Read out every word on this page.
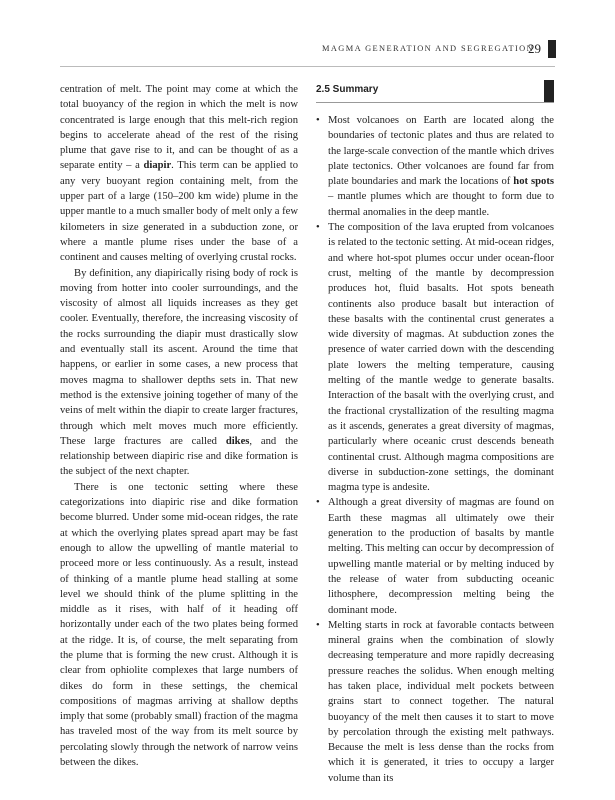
MAGMA GENERATION AND SEGREGATION
29

centration of melt. The point may come at which the total buoyancy of the region in which the melt is now concentrated is large enough that this melt-rich region begins to accelerate ahead of the rest of the rising plume that gave rise to it, and can be thought of as a separate entity – a diapir. This term can be applied to any very buoyant region containing melt, from the upper part of a large (150–200 km wide) plume in the upper mantle to a much smaller body of melt only a few kilometers in size generated in a subduction zone, or where a mantle plume rises under the base of a continent and causes melting of overlying crustal rocks.

By definition, any diapirically rising body of rock is moving from hotter into cooler surroundings, and the viscosity of almost all liquids increases as they get cooler. Eventually, therefore, the increasing viscosity of the rocks surrounding the diapir must drastically slow and eventually stall its ascent. Around the time that happens, or earlier in some cases, a new process that moves magma to shallower depths sets in. That new method is the extensive joining together of many of the veins of melt within the diapir to create larger fractures, through which melt moves much more efficiently. These large fractures are called dikes, and the relationship between diapiric rise and dike formation is the subject of the next chapter.

There is one tectonic setting where these categorizations into diapiric rise and dike formation become blurred. Under some mid-ocean ridges, the rate at which the overlying plates spread apart may be fast enough to allow the upwelling of mantle material to proceed more or less continuously. As a result, instead of thinking of a mantle plume head stalling at some level we should think of the plume splitting in the middle as it rises, with half of it heading off horizontally under each of the two plates being formed at the ridge. It is, of course, the melt separating from the plume that is forming the new crust. Although it is clear from ophiolite complexes that large numbers of dikes do form in these settings, the chemical compositions of magmas arriving at shallow depths imply that some (probably small) fraction of the magma has traveled most of the way from its melt source by percolating slowly through the network of narrow veins between the dikes.

2.5 Summary
• Most volcanoes on Earth are located along the boundaries of tectonic plates and thus are related to the large-scale convection of the mantle which drives plate tectonics. Other volcanoes are found far from plate boundaries and mark the locations of hot spots – mantle plumes which are thought to form due to thermal anomalies in the deep mantle.
• The composition of the lava erupted from volcanoes is related to the tectonic setting. At mid-ocean ridges, and where hot-spot plumes occur under ocean-floor crust, melting of the mantle by decompression produces hot, fluid basalts. Hot spots beneath continents also produce basalt but interaction of these basalts with the continental crust generates a wide diversity of magmas. At subduction zones the presence of water carried down with the descending plate lowers the melting temperature, causing melting of the mantle wedge to generate basalts. Interaction of the basalt with the overlying crust, and the fractional crystallization of the resulting magma as it ascends, generates a great diversity of magmas, particularly where oceanic crust descends beneath continental crust. Although magma compositions are diverse in subduction-zone settings, the dominant magma type is andesite.
• Although a great diversity of magmas are found on Earth these magmas all ultimately owe their generation to the production of basalts by mantle melting. This melting can occur by decompression of upwelling mantle material or by melting induced by the release of water from subducting oceanic lithosphere, decompression melting being the dominant mode.
• Melting starts in rock at favorable contacts between mineral grains when the combination of slowly decreasing temperature and more rapidly decreasing pressure reaches the solidus. When enough melting has taken place, individual melt pockets between grains start to connect together. The natural buoyancy of the melt then causes it to start to move by percolation through the existing melt pathways. Because the melt is less dense than the rocks from which it is generated, it tries to occupy a larger volume than its
